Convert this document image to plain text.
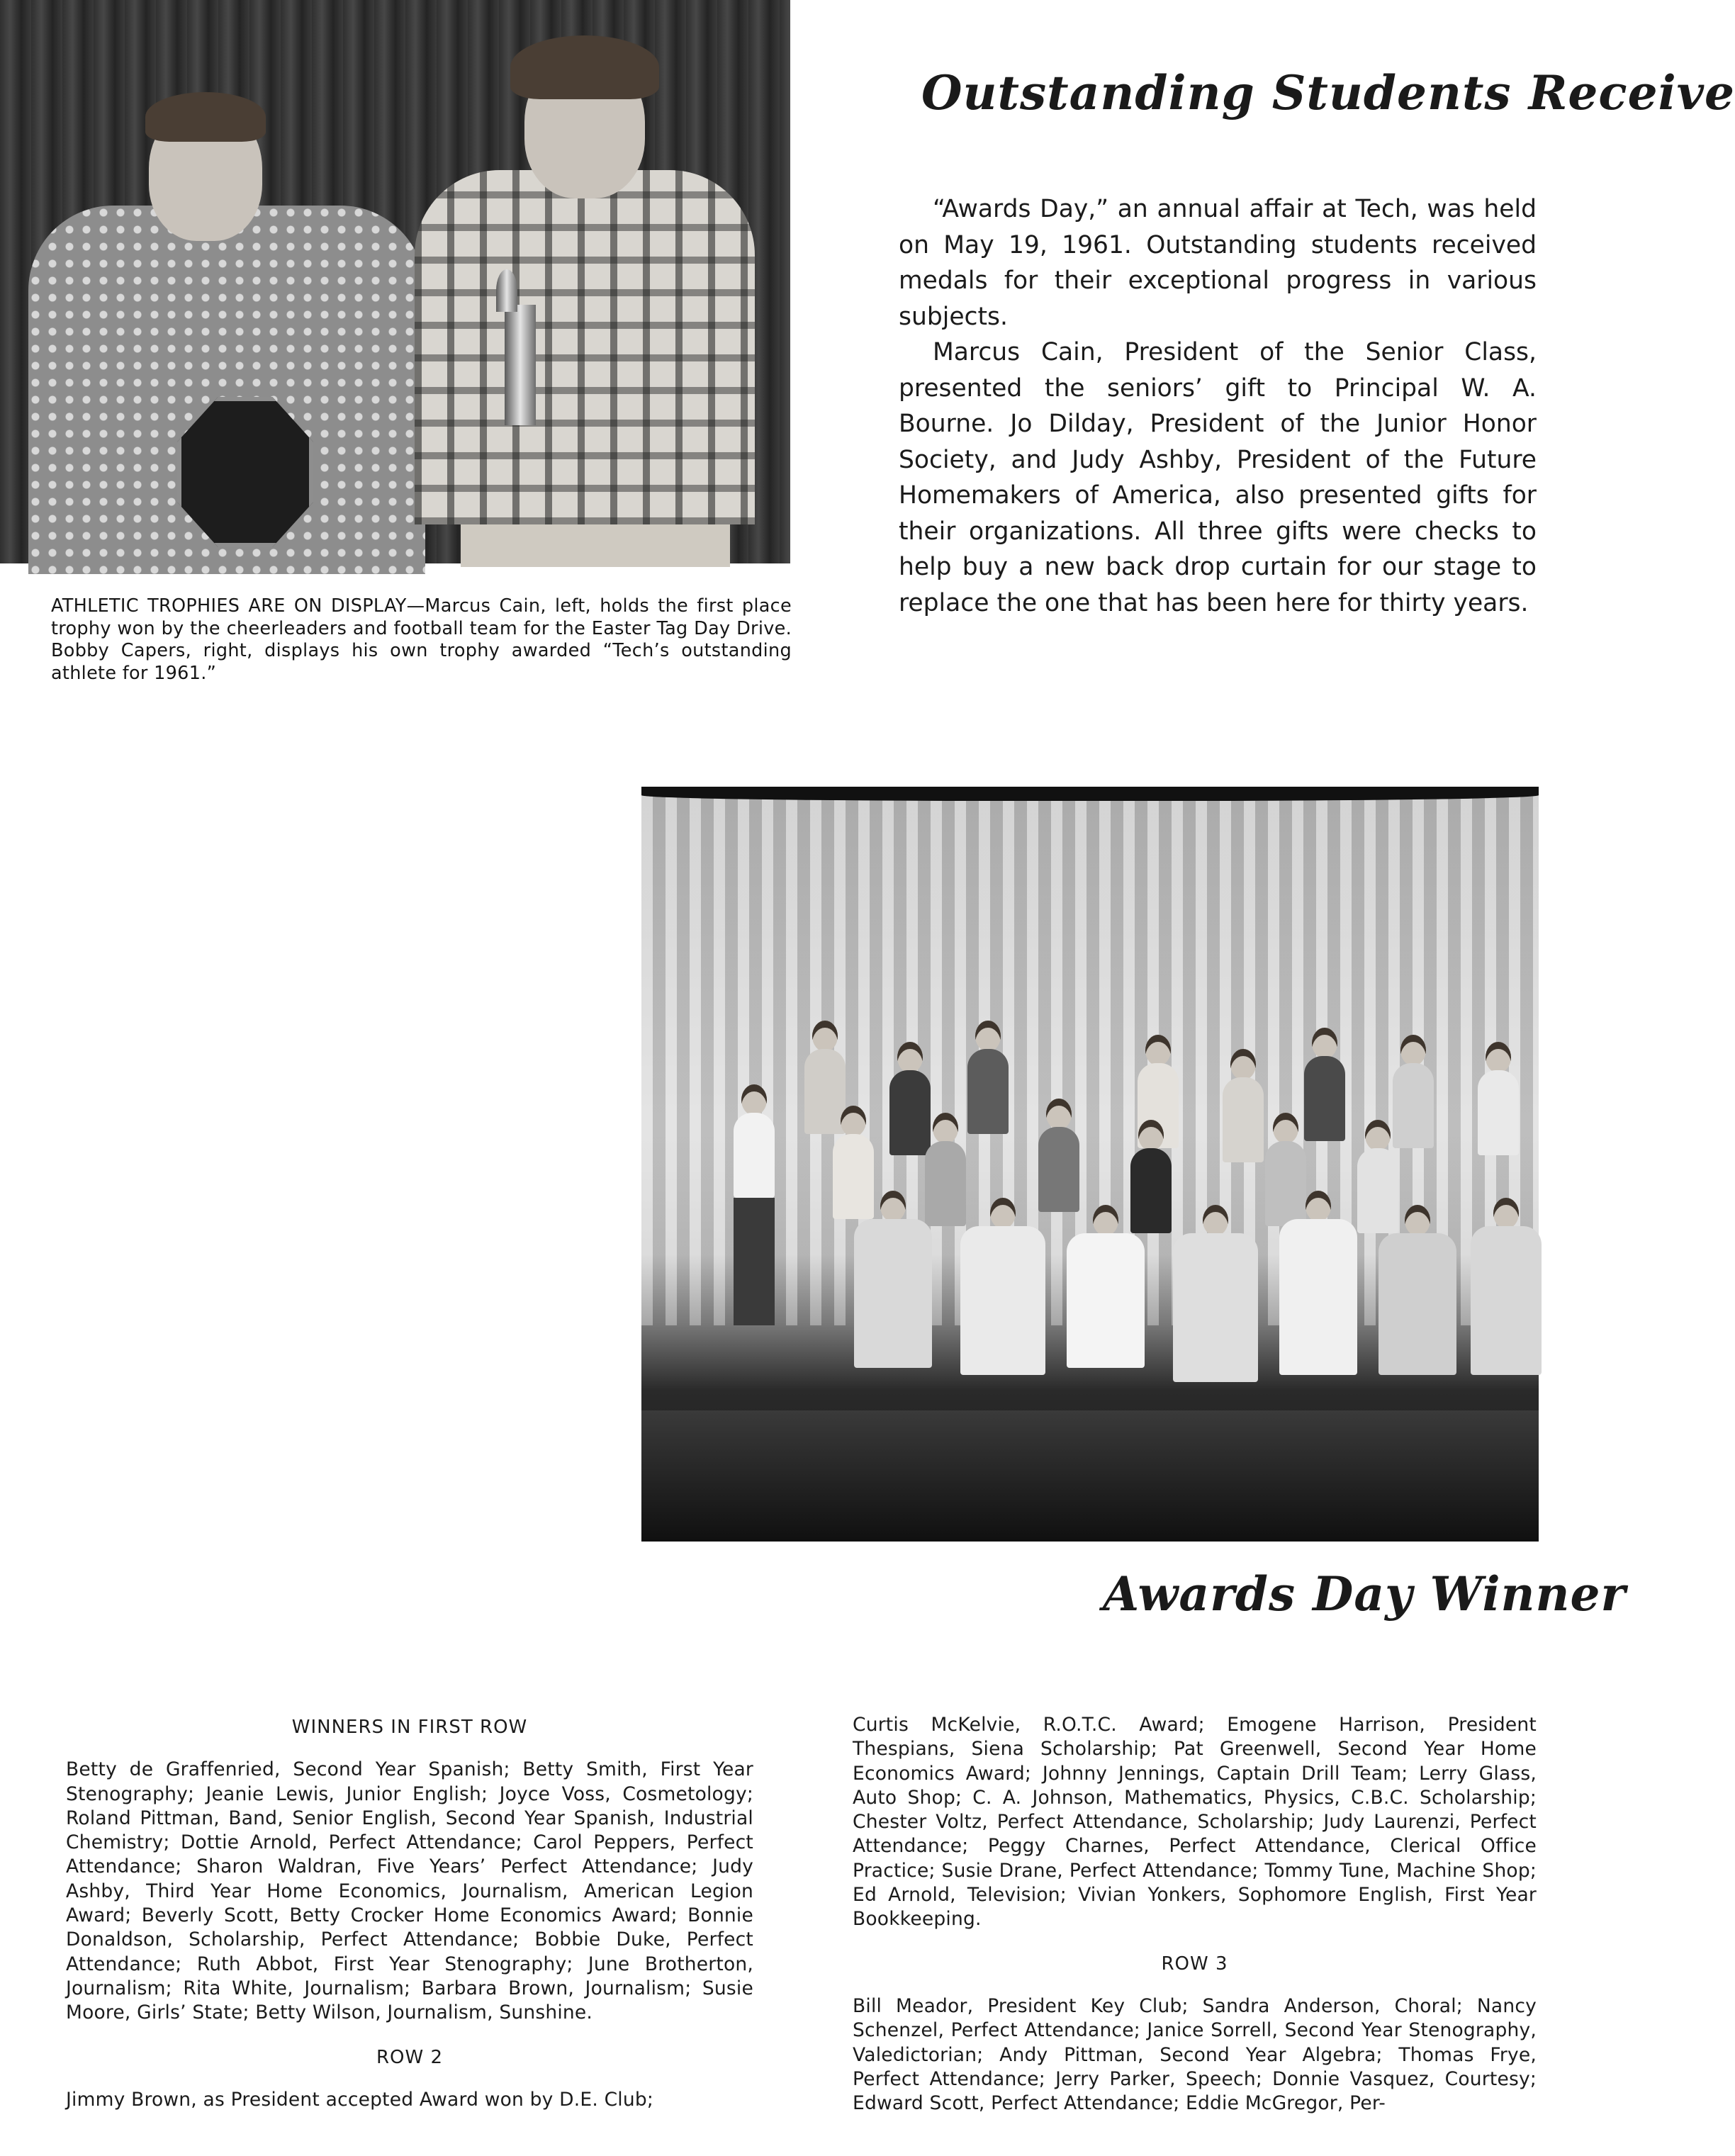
Outstanding Students Receive

“Awards Day,” an annual affair at Tech, was held on May 19, 1961. Outstanding students received medals for their exceptional progress in various subjects.

Marcus Cain, President of the Senior Class, presented the seniors’ gift to Principal W. A. Bourne. Jo Dilday, President of the Junior Honor Society, and Judy Ashby, President of the Future Homemakers of America, also presented gifts for their organizations. All three gifts were checks to help buy a new back drop curtain for our stage to replace the one that has been here for thirty years.

ATHLETIC TROPHIES ARE ON DISPLAY—Marcus Cain, left, holds the first place trophy won by the cheerleaders and football team for the Easter Tag Day Drive. Bobby Capers, right, displays his own trophy awarded “Tech’s outstanding athlete for 1961.”
Awards Day Winner
WINNERS IN FIRST ROW
Betty de Graffenried, Second Year Spanish; Betty Smith, First Year Stenography; Jeanie Lewis, Junior English; Joyce Voss, Cosmetology; Roland Pittman, Band, Senior English, Second Year Spanish, Industrial Chemistry; Dottie Arnold, Perfect Attendance; Carol Peppers, Perfect Attendance; Sharon Waldran, Five Years’ Perfect Attendance; Judy Ashby, Third Year Home Economics, Journalism, American Legion Award; Beverly Scott, Betty Crocker Home Economics Award; Bonnie Donaldson, Scholarship, Perfect Attendance; Bobbie Duke, Perfect Attendance; Ruth Abbot, First Year Stenography; June Brotherton, Journalism; Rita White, Journalism; Barbara Brown, Journalism; Susie Moore, Girls’ State; Betty Wilson, Journalism, Sunshine.
ROW 2
Jimmy Brown, as President accepted Award won by D.E. Club;
Curtis McKelvie, R.O.T.C. Award; Emogene Harrison, President Thespians, Siena Scholarship; Pat Greenwell, Second Year Home Economics Award; Johnny Jennings, Captain Drill Team; Lerry Glass, Auto Shop; C. A. Johnson, Mathematics, Physics, C.B.C. Scholarship; Chester Voltz, Perfect Attendance, Scholarship; Judy Laurenzi, Perfect Attendance; Peggy Charnes, Perfect Attendance, Clerical Office Practice; Susie Drane, Perfect Attendance; Tommy Tune, Machine Shop; Ed Arnold, Television; Vivian Yonkers, Sophomore English, First Year Bookkeeping.
ROW 3
Bill Meador, President Key Club; Sandra Anderson, Choral; Nancy Schenzel, Perfect Attendance; Janice Sorrell, Second Year Stenography, Valedictorian; Andy Pittman, Second Year Algebra; Thomas Frye, Perfect Attendance; Jerry Parker, Speech; Donnie Vasquez, Courtesy; Edward Scott, Perfect Attendance; Eddie McGregor, Per-
